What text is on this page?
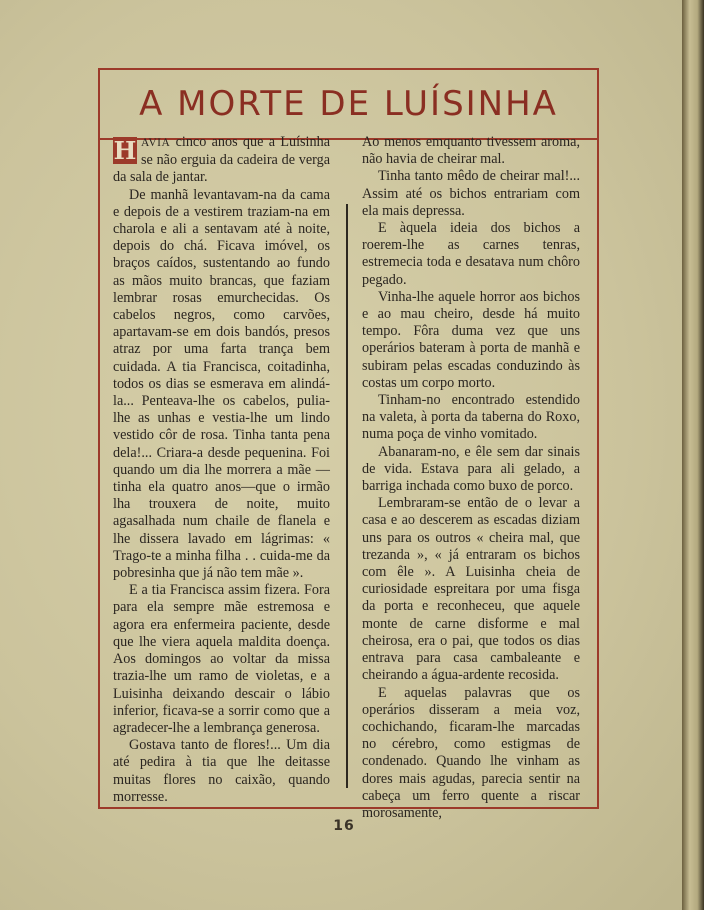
A MORTE DE LUÍSINHA

H AVIA cinco anos que a Luísinha se não erguia da cadeira de verga da sala de jantar.

De manhã levantavam-na da cama e depois de a vestirem traziam-na em charola e ali a sentavam até à noite, depois do chá. Ficava imóvel, os braços caídos, sustentando ao fundo as mãos muito brancas, que faziam lembrar rosas emurchecidas. Os cabelos negros, como carvões, apartavam-se em dois bandós, presos atraz por uma farta trança bem cuidada. A tia Francisca, coitadinha, todos os dias se esmerava em alindá-la... Penteava-lhe os cabelos, pulia-lhe as unhas e vestia-lhe um lindo vestido côr de rosa. Tinha tanta pena dela!... Criara-a desde pequenina. Foi quando um dia lhe morrera a mãe —tinha ela quatro anos—que o irmão lha trouxera de noite, muito agasalhada num chaile de flanela e lhe dissera lavado em lágrimas: « Trago-te a minha filha . . cuida-me da pobresinha que já não tem mãe ».

E a tia Francisca assim fizera. Fora para ela sempre mãe estremosa e agora era enfermeira paciente, desde que lhe viera aquela maldita doença. Aos domingos ao voltar da missa trazia-lhe um ramo de violetas, e a Luisinha deixando descair o lábio inferior, ficava-se a sorrir como que a agradecer-lhe a lembrança generosa.

Gostava tanto de flores!... Um dia até pedira à tia que lhe deitasse muitas flores no caixão, quando morresse.

Ao menos emquanto tivessem aroma, não havia de cheirar mal.

Tinha tanto mêdo de cheirar mal!... Assim até os bichos entrariam com ela mais depressa.

E àquela ideia dos bichos a roerem-lhe as carnes tenras, estremecia toda e desatava num chôro pegado.

Vinha-lhe aquele horror aos bichos e ao mau cheiro, desde há muito tempo. Fôra duma vez que uns operários bateram à porta de manhã e subiram pelas escadas conduzindo às costas um corpo morto.

Tinham-no encontrado estendido na valeta, à porta da taberna do Roxo, numa poça de vinho vomitado.

Abanaram-no, e êle sem dar sinais de vida. Estava para ali gelado, a barriga inchada como buxo de porco.

Lembraram-se então de o levar a casa e ao descerem as escadas diziam uns para os outros « cheira mal, que trezanda », « já entraram os bichos com êle ». A Luisinha cheia de curiosidade espreitara por uma fisga da porta e reconheceu, que aquele monte de carne disforme e mal cheirosa, era o pai, que todos os dias entrava para casa cambaleante e cheirando a água-ardente recosida.

E aquelas palavras que os operários disseram a meia voz, cochichando, ficaram-lhe marcadas no cérebro, como estigmas de condenado. Quando lhe vinham as dores mais agudas, parecia sentir na cabeça um ferro quente a riscar morosamente,

16
